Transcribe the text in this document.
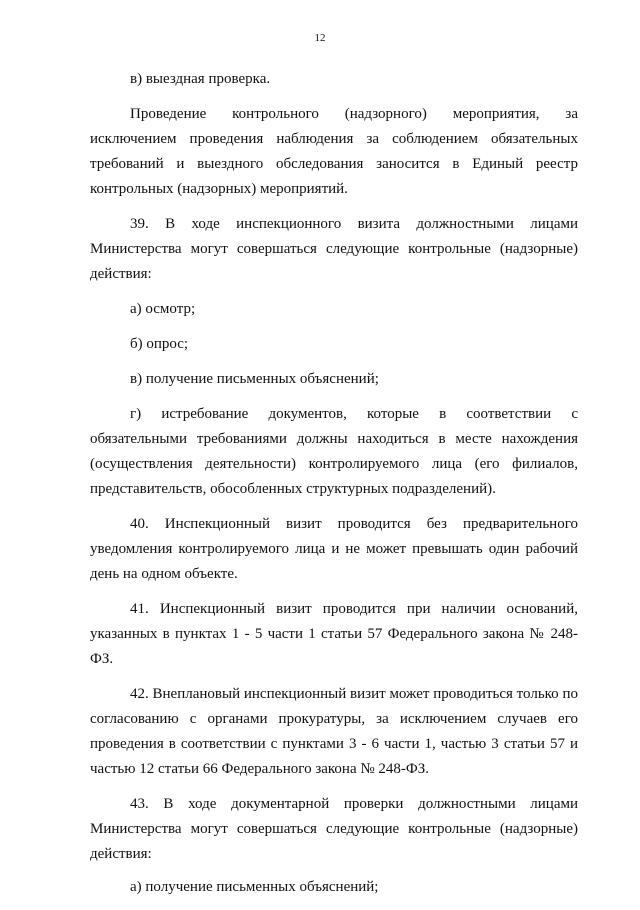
12
в) выездная проверка.
Проведение контрольного (надзорного) мероприятия, за исключением проведения наблюдения за соблюдением обязательных требований и выездного обследования заносится в Единый реестр контрольных (надзорных) мероприятий.
39. В ходе инспекционного визита должностными лицами Министерства могут совершаться следующие контрольные (надзорные) действия:
а) осмотр;
б) опрос;
в) получение письменных объяснений;
г) истребование документов, которые в соответствии с обязательными требованиями должны находиться в месте нахождения (осуществления деятельности) контролируемого лица (его филиалов, представительств, обособленных структурных подразделений).
40. Инспекционный визит проводится без предварительного уведомления контролируемого лица и не может превышать один рабочий день на одном объекте.
41. Инспекционный визит проводится при наличии оснований, указанных в пунктах 1 - 5 части 1 статьи 57 Федерального закона № 248-ФЗ.
42. Внеплановый инспекционный визит может проводиться только по согласованию с органами прокуратуры, за исключением случаев его проведения в соответствии с пунктами 3 - 6 части 1, частью 3 статьи 57 и частью 12 статьи 66 Федерального закона № 248-ФЗ.
43. В ходе документарной проверки должностными лицами Министерства могут совершаться следующие контрольные (надзорные) действия:
а) получение письменных объяснений;
